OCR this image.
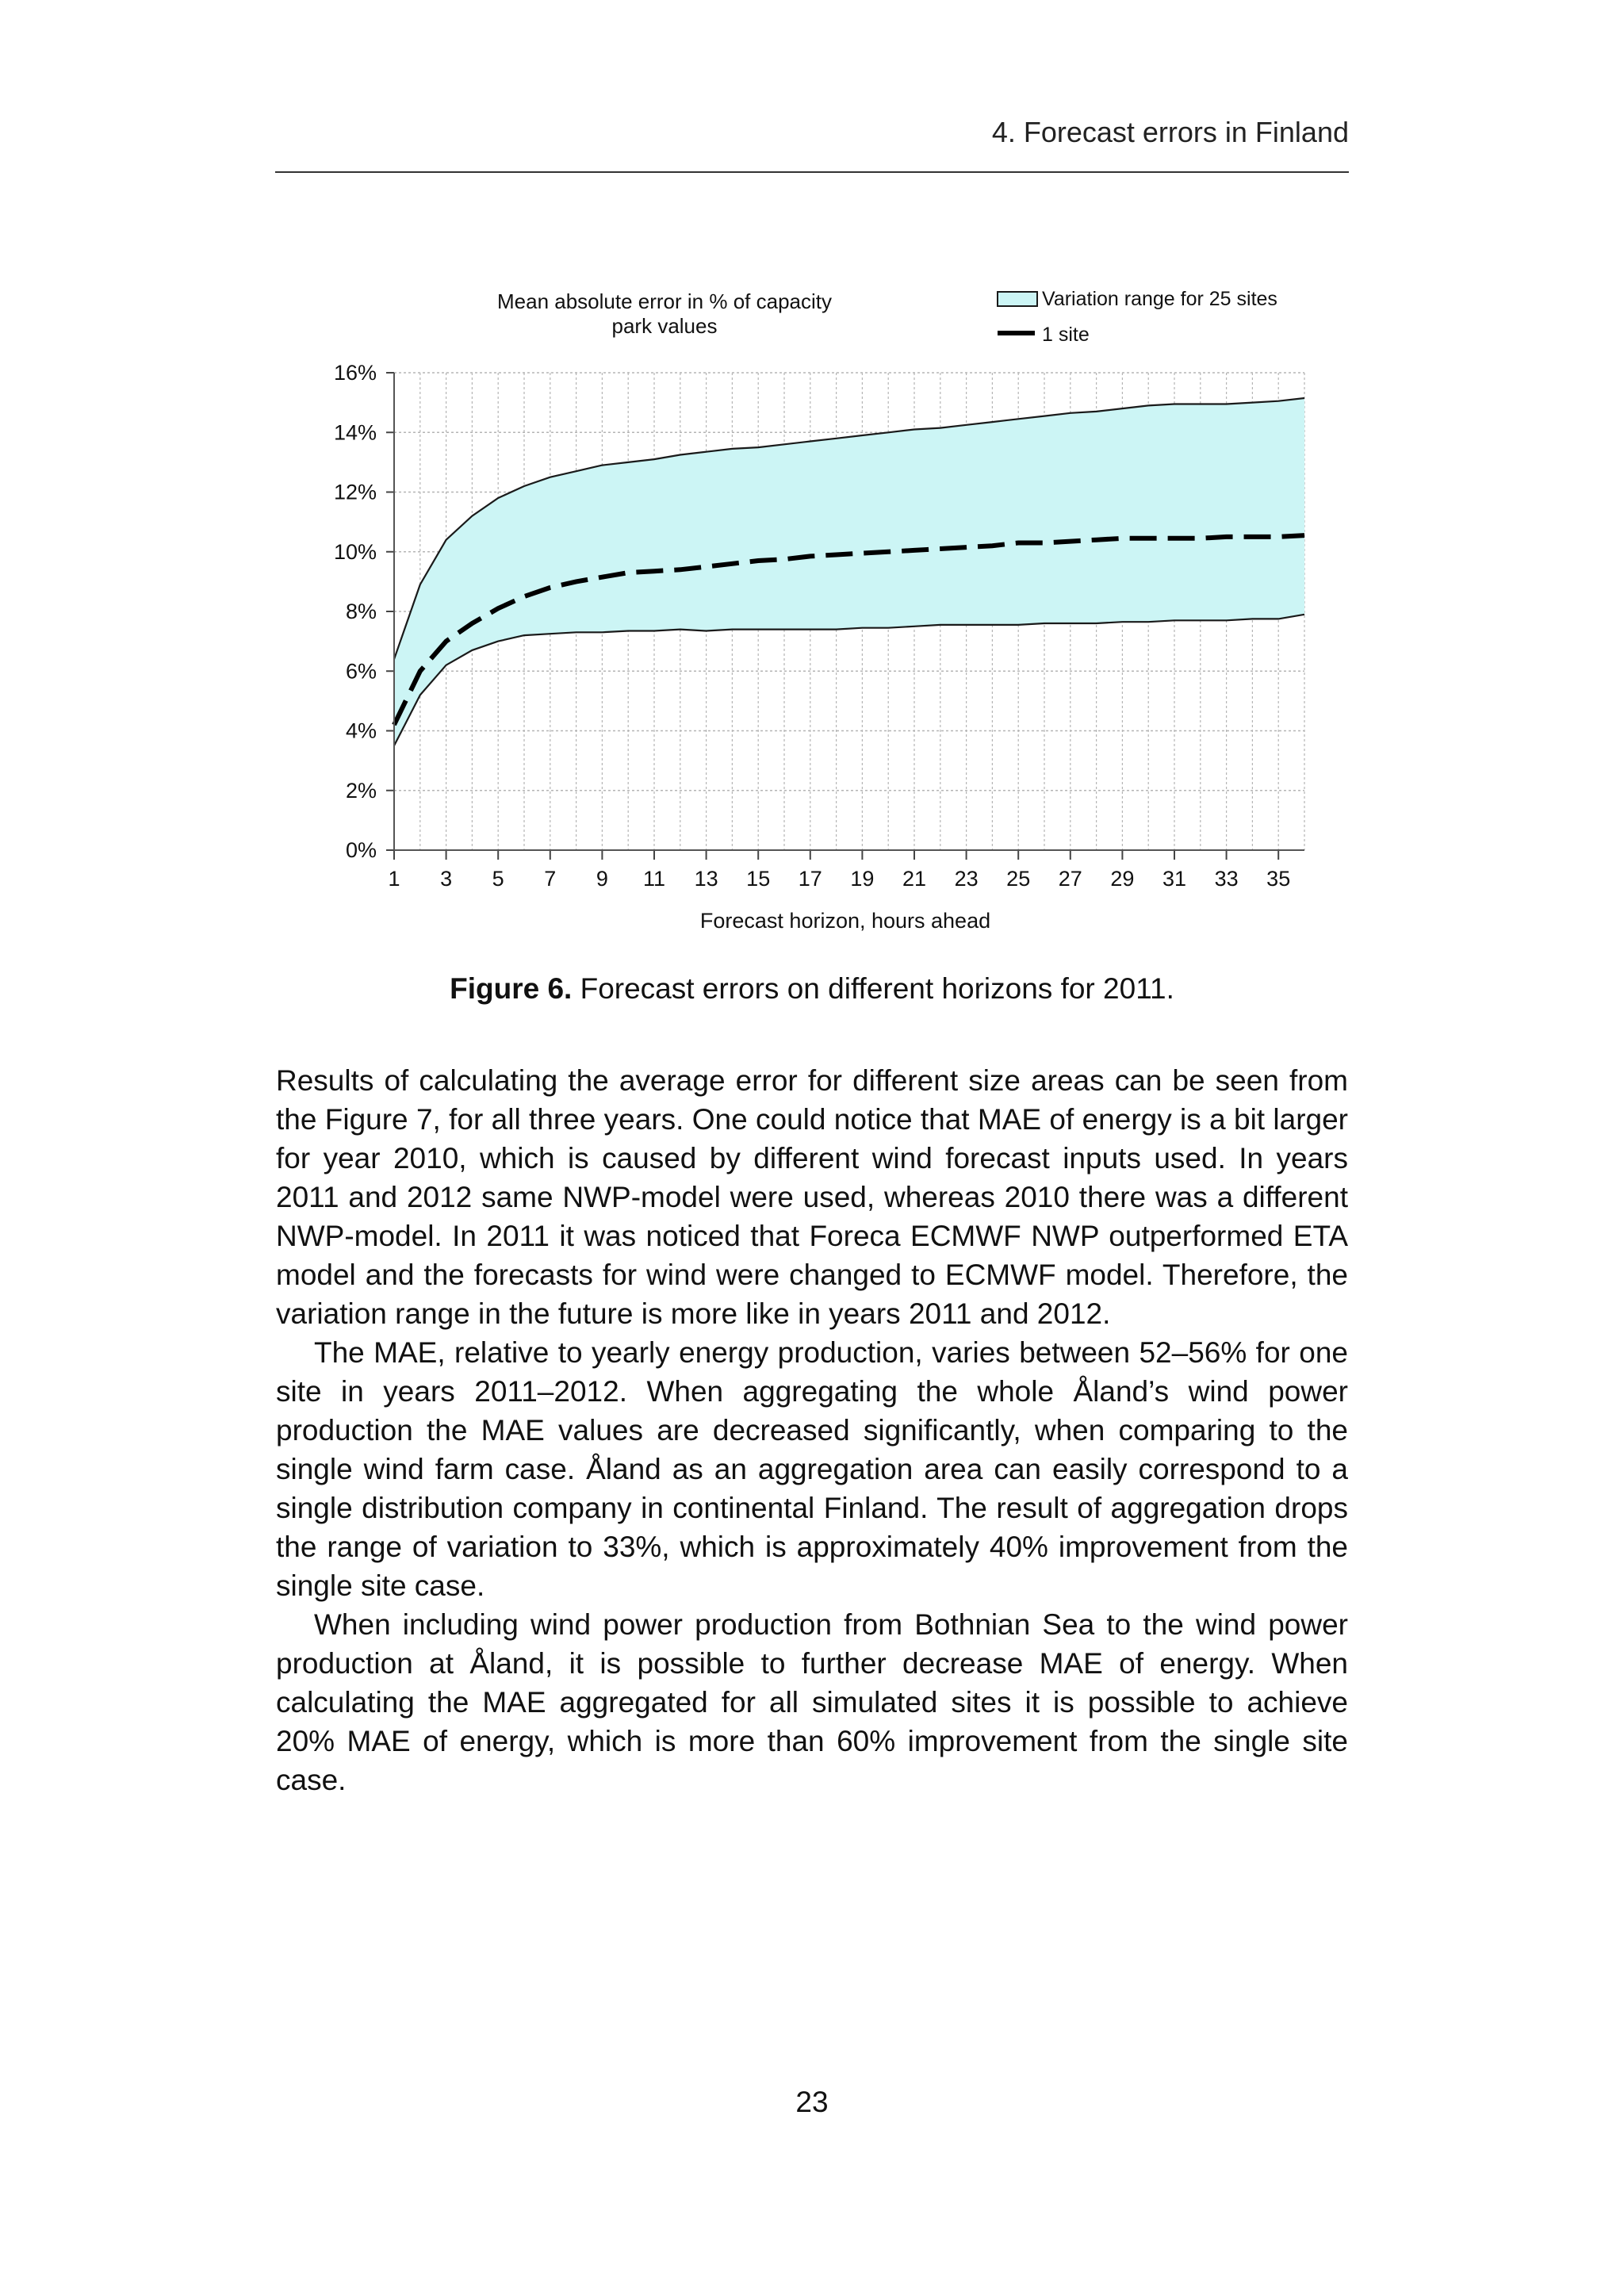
4. Forecast errors in Finland
0%
2%
4%
6%
8%
10%
12%
14%
16%
1 3 5 7 9 11 13 15 17 19 21 23 25 27 29 31 33 35
Mean absolute error in % of capacity
park values
Variation range for 25 sites
1 site
Forecast horizon, hours ahead
Figure 6. Forecast errors on different horizons for 2011.

Results of calculating the average error for different size areas can be seen from the Figure 7, for all three years. One could notice that MAE of energy is a bit larger for year 2010, which is caused by different wind forecast inputs used. In years 2011 and 2012 same NWP-model were used, whereas 2010 there was a different NWP-model. In 2011 it was noticed that Foreca ECMWF NWP outperformed ETA model and the forecasts for wind were changed to ECMWF model. Therefore, the variation range in the future is more like in years 2011 and 2012.

The MAE, relative to yearly energy production, varies between 52–56% for one site in years 2011–2012. When aggregating the whole Åland’s wind power production the MAE values are decreased significantly, when comparing to the single wind farm case. Åland as an aggregation area can easily correspond to a single distribution company in continental Finland. The result of aggregation drops the range of variation to 33%, which is approximately 40% improvement from the single site case.

When including wind power production from Bothnian Sea to the wind power production at Åland, it is possible to further decrease MAE of energy. When calculating the MAE aggregated for all simulated sites it is possible to achieve 20% MAE of energy, which is more than 60% improvement from the single site case.

23
